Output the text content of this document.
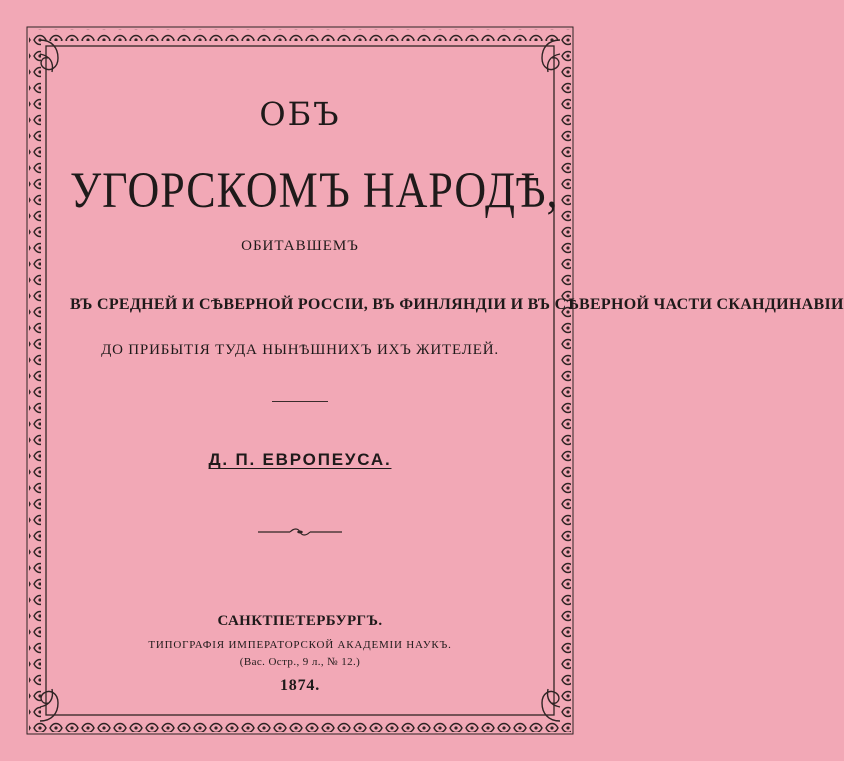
ОБЪ
УГОРСКОМЪ НАРОДѢ,
ОБИТАВШЕМЪ
ВЪ СРЕДНЕЙ И СѢВЕРНОЙ РОССІИ, ВЪ ФИНЛЯНДІИ И ВЪ СѢВЕРНОЙ ЧАСТИ СКАНДИНАВІИ
ДО ПРИБЫТІЯ ТУДА НЫНѢШНИХЪ ИХЪ ЖИТЕЛЕЙ.
Д. П. ЕВРОПЕУСА.
САНКТПЕТЕРБУРГЪ.
ТИПОГРАФІЯ ИМПЕРАТОРСКОЙ АКАДЕМІИ НАУКЪ.
(Вас. Остр., 9 л., № 12.)
1874.
